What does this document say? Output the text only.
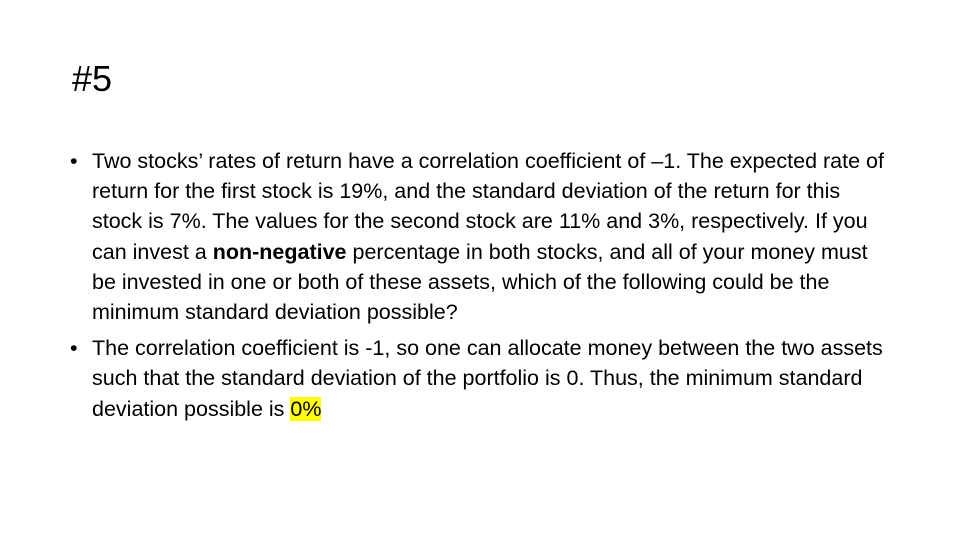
#5

• Two stocks’ rates of return have a correlation coefficient of –1. The expected rate of return for the first stock is 19%, and the standard deviation of the return for this stock is 7%. The values for the second stock are 11% and 3%, respectively. If you can invest a non-negative percentage in both stocks, and all of your money must be invested in one or both of these assets, which of the following could be the minimum standard deviation possible?

• The correlation coefficient is -1, so one can allocate money between the two assets such that the standard deviation of the portfolio is 0. Thus, the minimum standard deviation possible is 0%
